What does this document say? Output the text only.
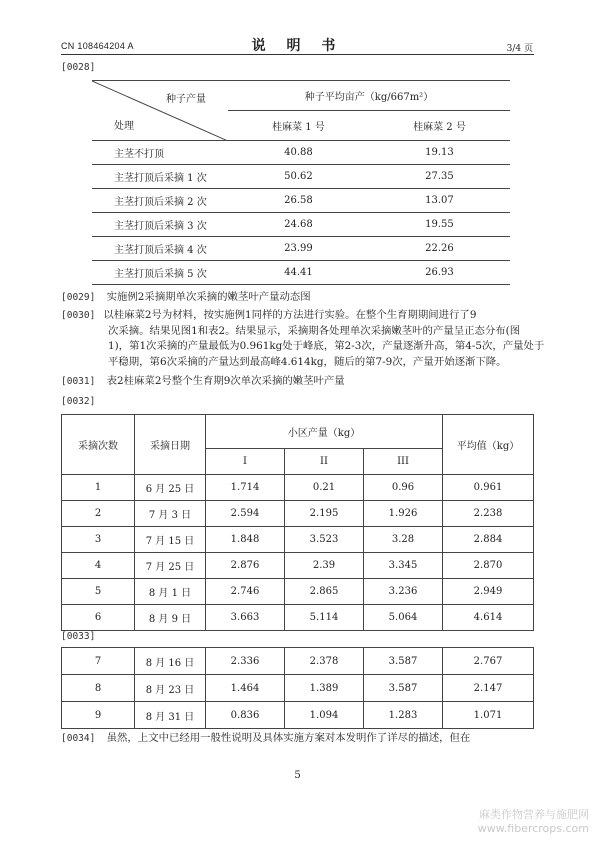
CN 108464204 A	说 明 书	3/4 页
[0028]
种子产量
处理	种子平均亩产（kg/667m²）	
	桂麻菜 1 号	桂麻菜 2 号
主茎不打顶	40.88	19.13
主茎打顶后采摘 1 次	50.62	27.35
主茎打顶后采摘 2 次	26.58	13.07
主茎打顶后采摘 3 次	24.68	19.55
主茎打顶后采摘 4 次	23.99	22.26
主茎打顶后采摘 5 次	44.41	26.93
[0029] 实施例2采摘期单次采摘的嫩茎叶产量动态图
[0030] 以桂麻菜2号为材料，按实施例1同样的方法进行实验。在整个生育期期间进行了9
次采摘。结果见图1和表2。结果显示，采摘期各处理单次采摘嫩茎叶的产量呈正态分布(图
1)，第1次采摘的产量最低为0.961kg处于峰底，第2-3次，产量逐渐升高，第4-5次，产量处于
平稳期，第6次采摘的产量达到最高峰4.614kg，随后的第7-9次，产量开始逐渐下降。
[0031] 表2桂麻菜2号整个生育期9次单次采摘的嫩茎叶产量
[0032]
采摘次数	采摘日期	小区产量（kg）			平均值（kg）
		I	II	III	
1	6 月 25 日	1.714	0.21	0.96	0.961
2	7 月 3 日	2.594	2.195	1.926	2.238
3	7 月 15 日	1.848	3.523	3.28	2.884
4	7 月 25 日	2.876	2.39	3.345	2.870
5	8 月 1 日	2.746	2.865	3.236	2.949
6	8 月 9 日	3.663	5.114	5.064	4.614
[0033]
7	8 月 16 日	2.336	2.378	3.587	2.767
8	8 月 23 日	1.464	1.389	3.587	2.147
9	8 月 31 日	0.836	1.094	1.283	1.071
[0034] 虽然，上文中已经用一般性说明及具体实施方案对本发明作了详尽的描述，但在
5
麻类作物营养与施肥网
www.fibercrops.com
